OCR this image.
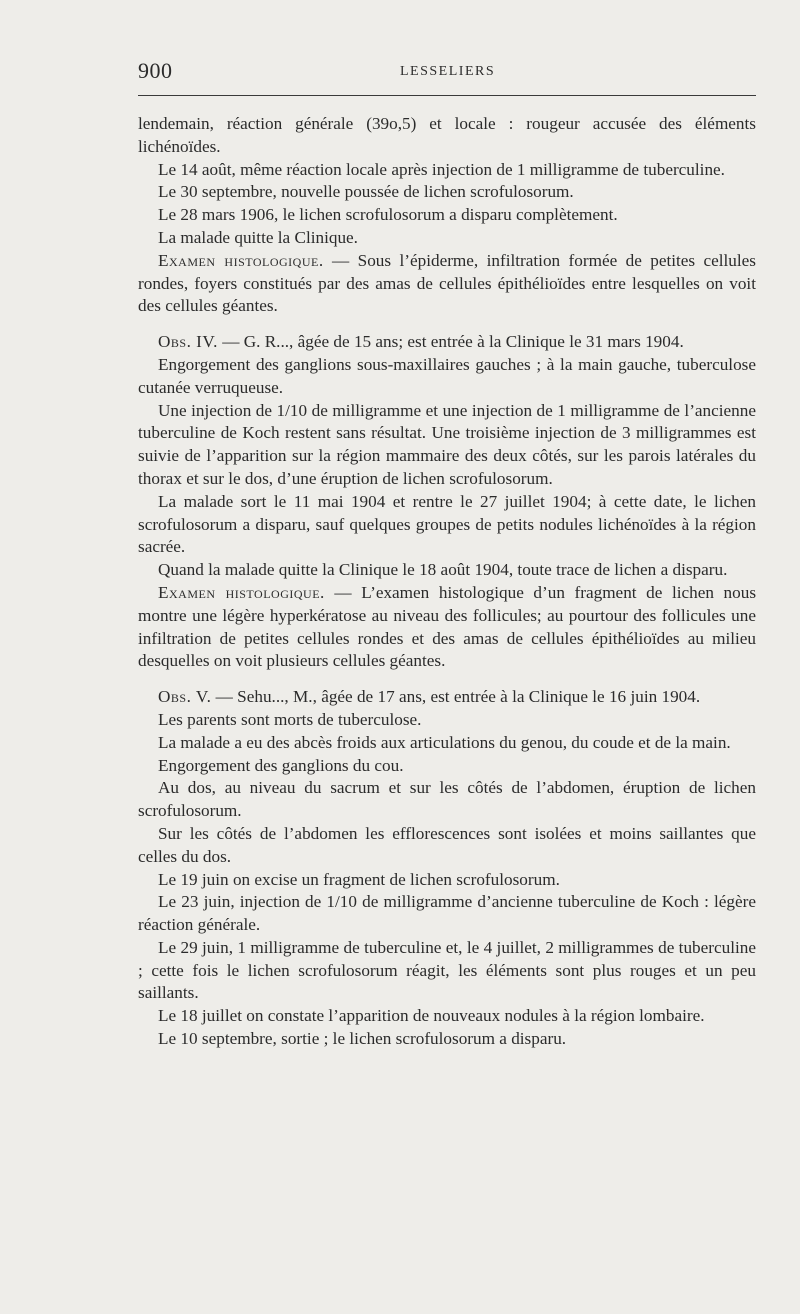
900	LESSELIERS

lendemain, réaction générale (39o,5) et locale : rougeur accusée des éléments lichénoïdes.

Le 14 août, même réaction locale après injection de 1 milligramme de tuberculine.

Le 30 septembre, nouvelle poussée de lichen scrofulosorum.

Le 28 mars 1906, le lichen scrofulosorum a disparu complètement.

La malade quitte la Clinique.

Examen histologique. — Sous l’épiderme, infiltration formée de petites cellules rondes, foyers constitués par des amas de cellules épithélioïdes entre lesquelles on voit des cellules géantes.

Obs. IV. — G. R..., âgée de 15 ans; est entrée à la Clinique le 31 mars 1904.

Engorgement des ganglions sous-maxillaires gauches ; à la main gauche, tuberculose cutanée verruqueuse.

Une injection de 1/10 de milligramme et une injection de 1 milligramme de l’ancienne tuberculine de Koch restent sans résultat. Une troisième injection de 3 milligrammes est suivie de l’apparition sur la région mammaire des deux côtés, sur les parois latérales du thorax et sur le dos, d’une éruption de lichen scrofulosorum.

La malade sort le 11 mai 1904 et rentre le 27 juillet 1904; à cette date, le lichen scrofulosorum a disparu, sauf quelques groupes de petits nodules lichénoïdes à la région sacrée.

Quand la malade quitte la Clinique le 18 août 1904, toute trace de lichen a disparu.

Examen histologique. — L’examen histologique d’un fragment de lichen nous montre une légère hyperkératose au niveau des follicules; au pourtour des follicules une infiltration de petites cellules rondes et des amas de cellules épithélioïdes au milieu desquelles on voit plusieurs cellules géantes.

Obs. V. — Sehu..., M., âgée de 17 ans, est entrée à la Clinique le 16 juin 1904.

Les parents sont morts de tuberculose.

La malade a eu des abcès froids aux articulations du genou, du coude et de la main.

Engorgement des ganglions du cou.

Au dos, au niveau du sacrum et sur les côtés de l’abdomen, éruption de lichen scrofulosorum.

Sur les côtés de l’abdomen les efflorescences sont isolées et moins saillantes que celles du dos.

Le 19 juin on excise un fragment de lichen scrofulosorum.

Le 23 juin, injection de 1/10 de milligramme d’ancienne tuberculine de Koch : légère réaction générale.

Le 29 juin, 1 milligramme de tuberculine et, le 4 juillet, 2 milligrammes de tuberculine ; cette fois le lichen scrofulosorum réagit, les éléments sont plus rouges et un peu saillants.

Le 18 juillet on constate l’apparition de nouveaux nodules à la région lombaire.

Le 10 septembre, sortie ; le lichen scrofulosorum a disparu.
